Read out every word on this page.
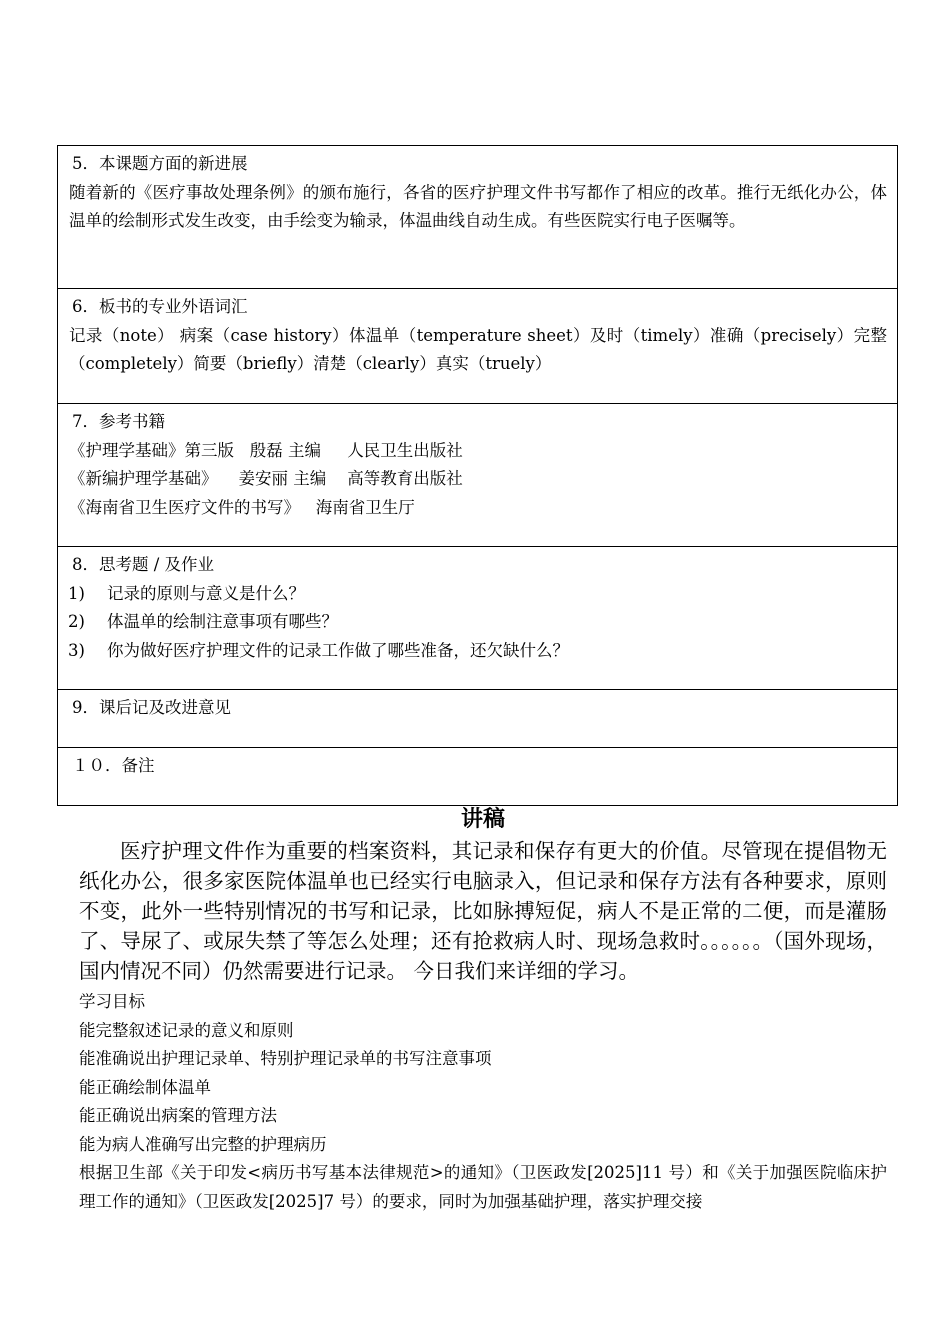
5．本课题方面的新进展
随着新的《医疗事故处理条例》的颁布施行，各省的医疗护理文件书写都作了相应的改革。推行无纸化办公，体温单的绘制形式发生改变，由手绘变为输录，体温曲线自动生成。有些医院实行电子医嘱等。

6．板书的专业外语词汇
记录（note） 病案（case history）体温单（temperature sheet）及时（timely）准确（precisely）完整（completely）简要（briefly）清楚（clearly）真实（truely）

7．参考书籍
《护理学基础》第三版   殷磊 主编     人民卫生出版社
《新编护理学基础》    姜安丽 主编    高等教育出版社
《海南省卫生医疗文件的书写》   海南省卫生厅

8．思考题 / 及作业
1)	记录的原则与意义是什么？
2)	体温单的绘制注意事项有哪些？
3)	你为做好医疗护理文件的记录工作做了哪些准备，还欠缺什么？

9．课后记及改进意见

１０．备注
讲稿

医疗护理文件作为重要的档案资料，其记录和保存有更大的价值。尽管现在提倡物无纸化办公，很多家医院体温单也已经实行电脑录入，但记录和保存方法有各种要求，原则不变，此外一些特别情况的书写和记录，比如脉搏短促，病人不是正常的二便，而是灌肠了、导尿了、或尿失禁了等怎么处理；还有抢救病人时、现场急救时。。。。。。（国外现场，国内情况不同）仍然需要进行记录。 今日我们来详细的学习。

学习目标

能完整叙述记录的意义和原则

能准确说出护理记录单、特别护理记录单的书写注意事项

能正确绘制体温单

能正确说出病案的管理方法

能为病人准确写出完整的护理病历

根据卫生部《关于印发<病历书写基本法律规范>的通知》（卫医政发[2025]11 号）和《关于加强医院临床护理工作的通知》（卫医政发[2025]7 号）的要求，同时为加强基础护理，落实护理交接
